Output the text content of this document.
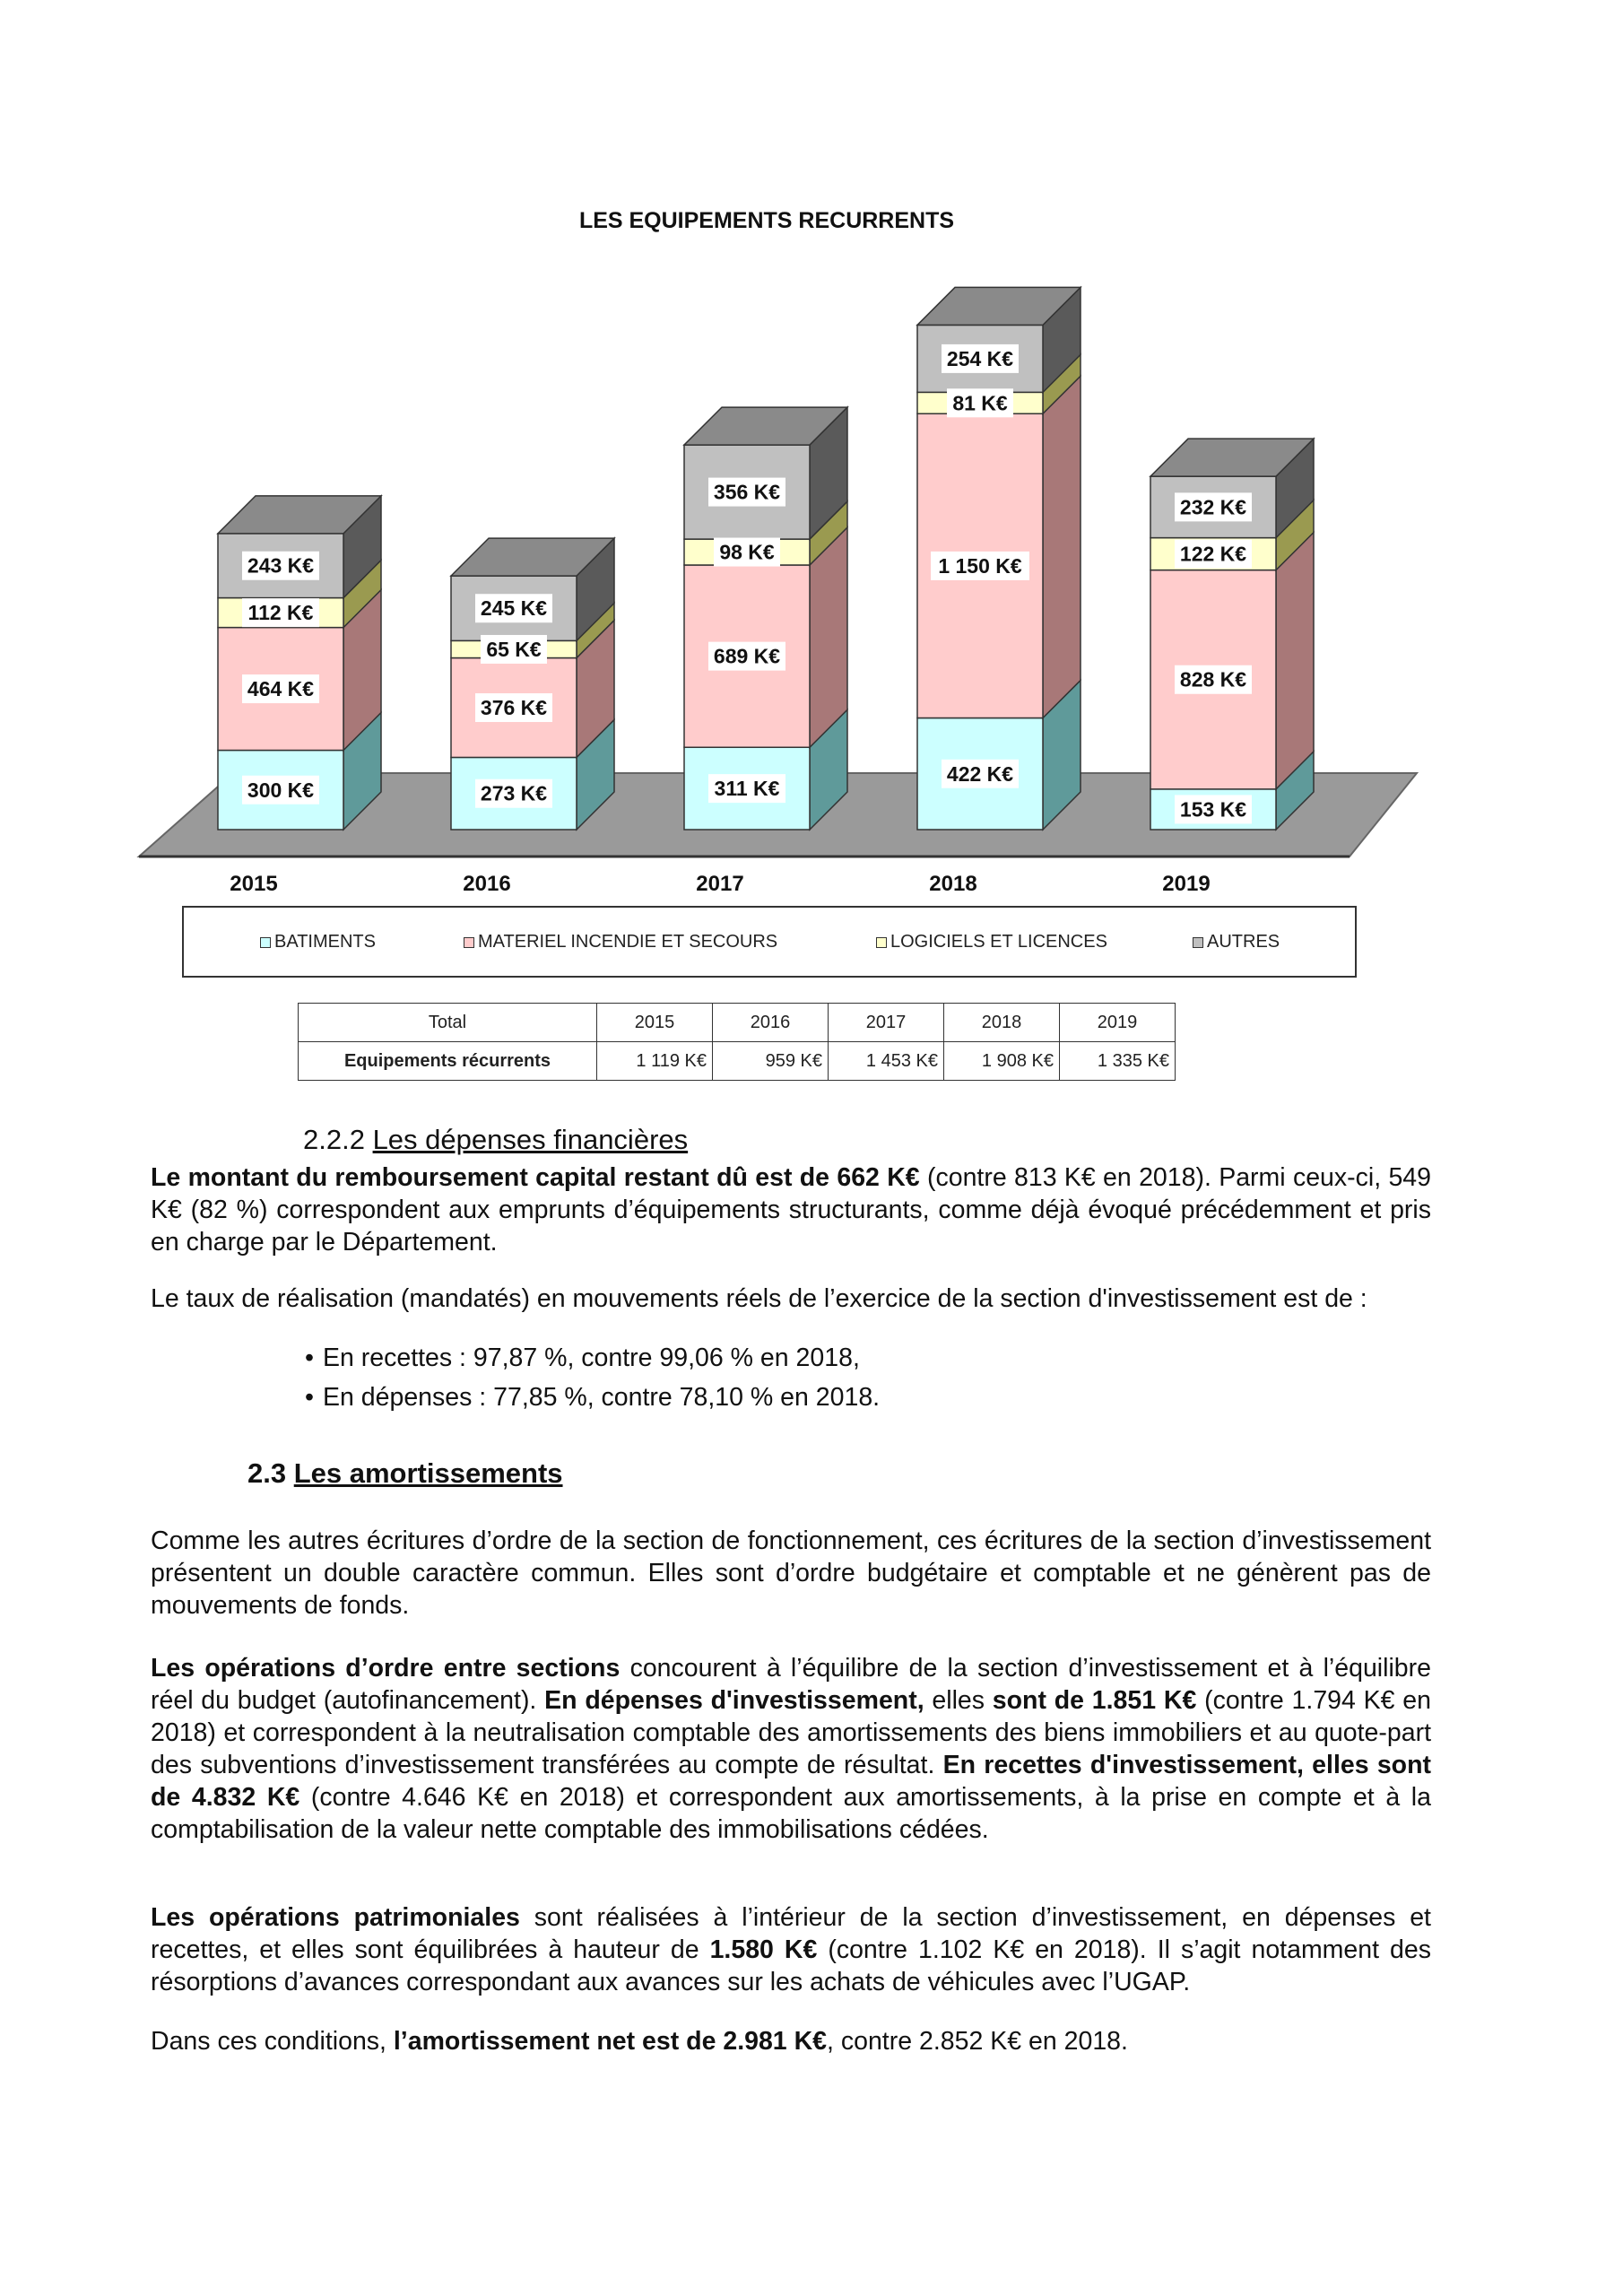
LES EQUIPEMENTS RECURRENTS
300 K€
464 K€
112 K€
243 K€
273 K€
376 K€
65 K€
245 K€
311 K€
689 K€
98 K€
356 K€
422 K€
1 150 K€
81 K€
254 K€
153 K€
828 K€
122 K€
232 K€
2015	2016	2017	2018	2019
BATIMENTS	MATERIEL INCENDIE ET SECOURS	LOGICIELS ET LICENCES	AUTRES
Total	2015	2016	2017	2018	2019
Equipements récurrents	1 119 K€	959 K€	1 453 K€	1 908 K€	1 335 K€
2.2.2 Les dépenses financières
Le montant du remboursement capital restant dû est de 662 K€ (contre 813 K€ en 2018). Parmi ceux-ci, 549 K€ (82 %) correspondent aux emprunts d’équipements structurants, comme déjà évoqué précédemment et pris en charge par le Département.
Le taux de réalisation (mandatés) en mouvements réels de l’exercice de la section d'investissement est de :
• En recettes : 97,87 %, contre 99,06 % en 2018,
• En dépenses : 77,85 %, contre 78,10 % en 2018.
2.3 Les amortissements
Comme les autres écritures d’ordre de la section de fonctionnement, ces écritures de la section d’investissement présentent un double caractère commun. Elles sont d’ordre budgétaire et comptable et ne génèrent pas de mouvements de fonds.
Les opérations d’ordre entre sections concourent à l’équilibre de la section d’investissement et à l’équilibre réel du budget (autofinancement). En dépenses d'investissement, elles sont de 1.851 K€ (contre 1.794 K€ en 2018) et correspondent à la neutralisation comptable des amortissements des biens immobiliers et au quote-part des subventions d’investissement transférées au compte de résultat. En recettes d'investissement, elles sont de 4.832 K€ (contre 4.646 K€ en 2018) et correspondent aux amortissements, à la prise en compte et à la comptabilisation de la valeur nette comptable des immobilisations cédées.
Les opérations patrimoniales sont réalisées à l’intérieur de la section d’investissement, en dépenses et recettes, et elles sont équilibrées à hauteur de 1.580 K€ (contre 1.102 K€ en 2018). Il s’agit notamment des résorptions d’avances correspondant aux avances sur les achats de véhicules avec l’UGAP.
Dans ces conditions, l’amortissement net est de 2.981 K€, contre 2.852 K€ en 2018.
